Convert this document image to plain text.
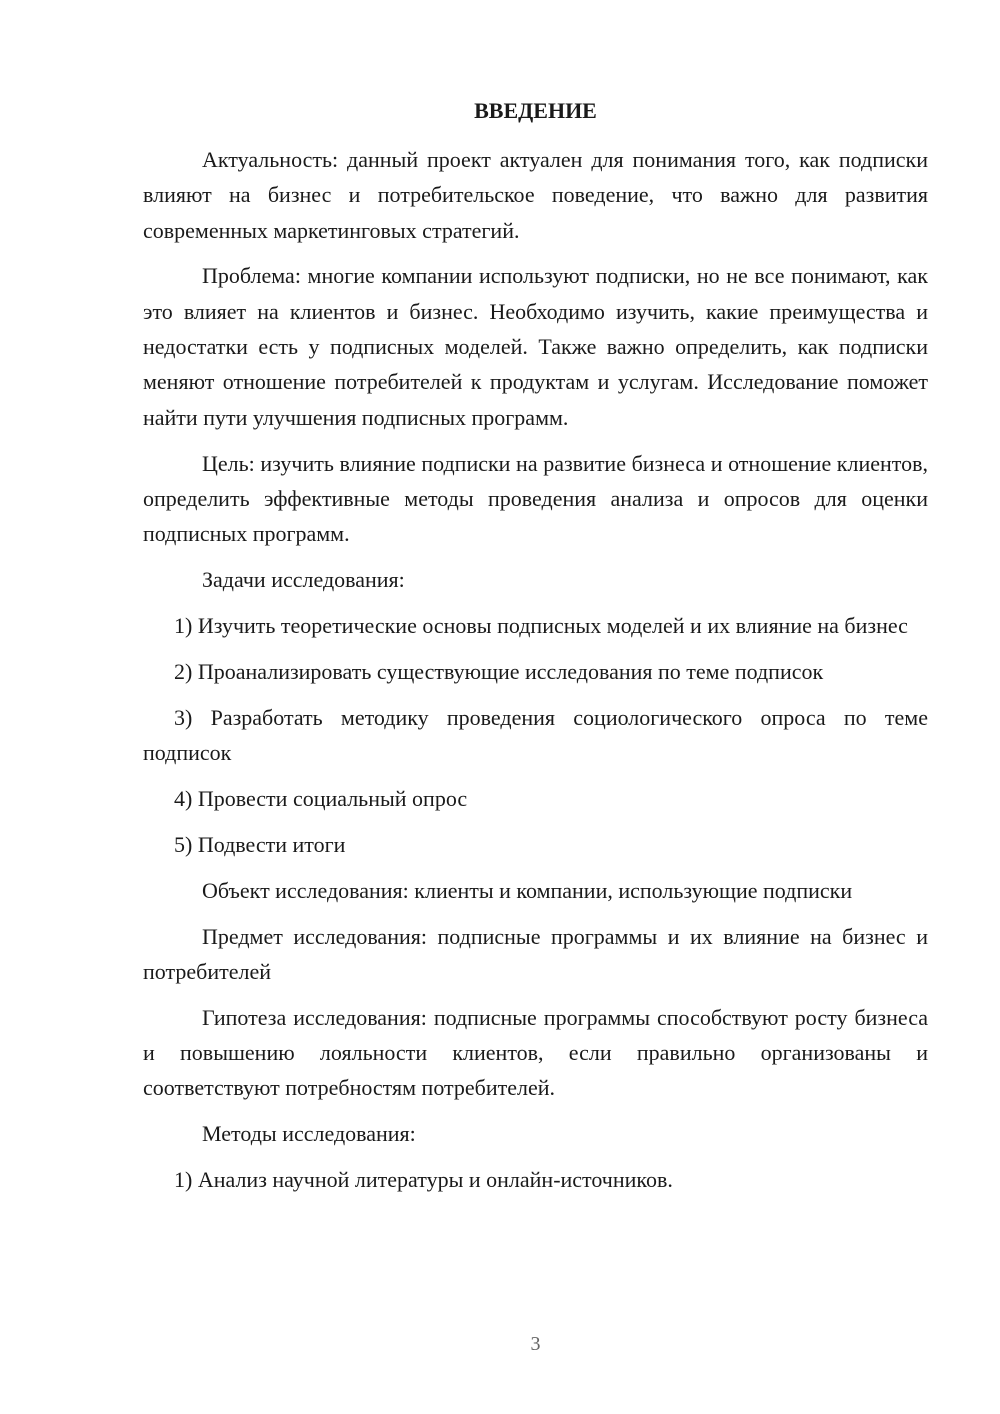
ВВЕДЕНИЕ

Актуальность: данный проект актуален для понимания того, как подписки влияют на бизнес и потребительское поведение, что важно для развития современных маркетинговых стратегий.

Проблема: многие компании используют подписки, но не все понимают, как это влияет на клиентов и бизнес. Необходимо изучить, какие преимущества и недостатки есть у подписных моделей. Также важно определить, как подписки меняют отношение потребителей к продуктам и услугам. Исследование поможет найти пути улучшения подписных программ.

Цель: изучить влияние подписки на развитие бизнеса и отношение клиентов, определить эффективные методы проведения анализа и опросов для оценки подписных программ.

Задачи исследования:

1) Изучить теоретические основы подписных моделей и их влияние на бизнес

2) Проанализировать существующие исследования по теме подписок

3) Разработать методику проведения социологического опроса по теме подписок

4) Провести социальный опрос

5) Подвести итоги

Объект исследования: клиенты и компании, использующие подписки

Предмет исследования: подписные программы и их влияние на бизнес и потребителей

Гипотеза исследования: подписные программы способствуют росту бизнеса и повышению лояльности клиентов, если правильно организованы и соответствуют потребностям потребителей.

Методы исследования:

1) Анализ научной литературы и онлайн-источников.

3
